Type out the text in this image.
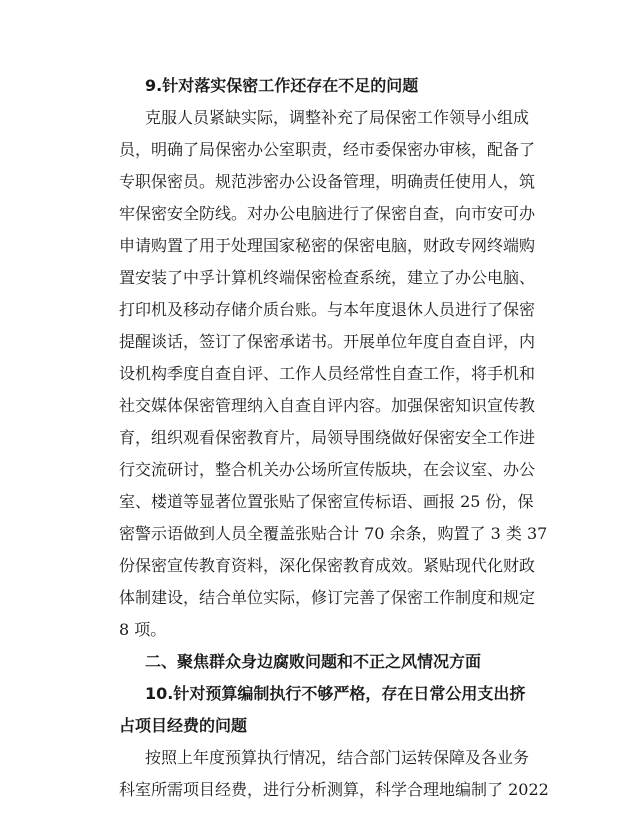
9.针对落实保密工作还存在不足的问题
克服人员紧缺实际，调整补充了局保密工作领导小组成
员，明确了局保密办公室职责，经市委保密办审核，配备了
专职保密员。规范涉密办公设备管理，明确责任使用人，筑
牢保密安全防线。对办公电脑进行了保密自查，向市安可办
申请购置了用于处理国家秘密的保密电脑，财政专网终端购
置安装了中孚计算机终端保密检查系统，建立了办公电脑、
打印机及移动存储介质台账。与本年度退休人员进行了保密
提醒谈话，签订了保密承诺书。开展单位年度自查自评，内
设机构季度自查自评、工作人员经常性自查工作，将手机和
社交媒体保密管理纳入自查自评内容。加强保密知识宣传教
育，组织观看保密教育片，局领导围绕做好保密安全工作进
行交流研讨，整合机关办公场所宣传版块，在会议室、办公
室、楼道等显著位置张贴了保密宣传标语、画报 25 份，保
密警示语做到人员全覆盖张贴合计 70 余条，购置了 3 类 37
份保密宣传教育资料，深化保密教育成效。紧贴现代化财政
体制建设，结合单位实际，修订完善了保密工作制度和规定
8 项。
二、聚焦群众身边腐败问题和不正之风情况方面
10.针对预算编制执行不够严格，存在日常公用支出挤
占项目经费的问题
按照上年度预算执行情况，结合部门运转保障及各业务
科室所需项目经费，进行分析测算，科学合理地编制了 2022
